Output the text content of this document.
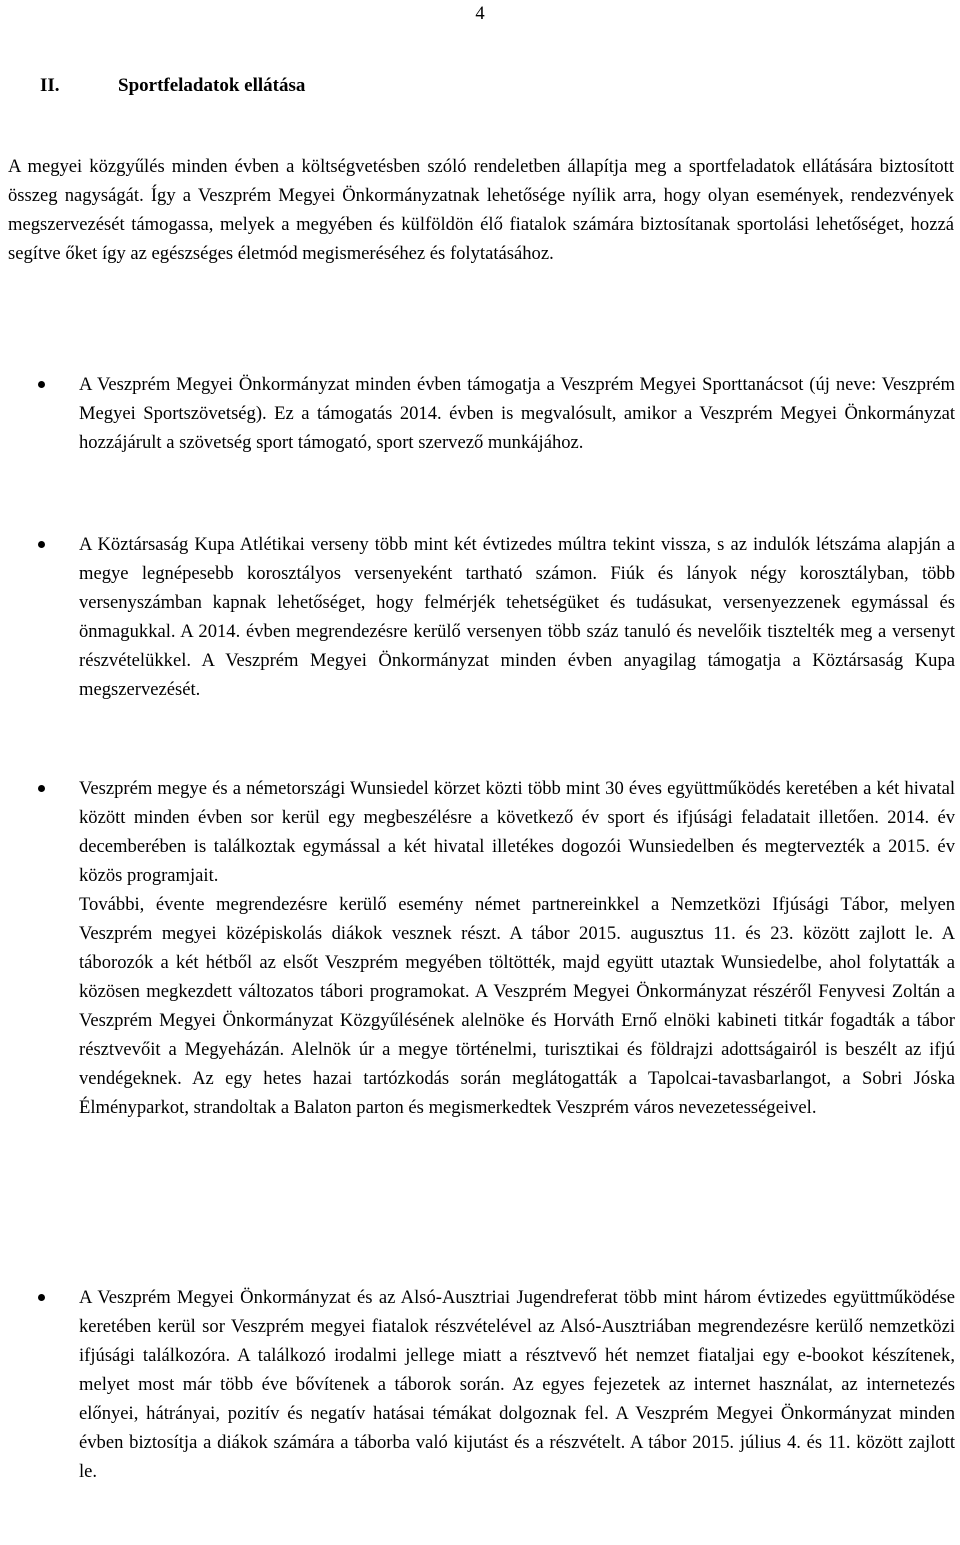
4
II.	Sportfeladatok ellátása

A megyei közgyűlés minden évben a költségvetésben szóló rendeletben állapítja meg a sportfeladatok ellátására biztosított összeg nagyságát. Így a Veszprém Megyei Önkormányzatnak lehetősége nyílik arra, hogy olyan események, rendezvények megszervezését támogassa, melyek a megyében és külföldön élő fiatalok számára biztosítanak sportolási lehetőséget, hozzá segítve őket így az egészséges életmód megismeréséhez és folytatásához.

A Veszprém Megyei Önkormányzat minden évben támogatja a Veszprém Megyei Sporttanácsot (új neve: Veszprém Megyei Sportszövetség). Ez a támogatás 2014. évben is megvalósult, amikor a Veszprém Megyei Önkormányzat hozzájárult a szövetség sport támogató, sport szervező munkájához.

A Köztársaság Kupa Atlétikai verseny több mint két évtizedes múltra tekint vissza, s az indulók létszáma alapján a megye legnépesebb korosztályos versenyeként tartható számon. Fiúk és lányok négy korosztályban, több versenyszámban kapnak lehetőséget, hogy felmérjék tehetségüket és tudásukat, versenyezzenek egymással és önmagukkal. A 2014. évben megrendezésre kerülő versenyen több száz tanuló és nevelőik tisztelték meg a versenyt részvételükkel. A Veszprém Megyei Önkormányzat minden évben anyagilag támogatja a Köztársaság Kupa megszervezését.

Veszprém megye és a németországi Wunsiedel körzet közti több mint 30 éves együttműködés keretében a két hivatal között minden évben sor kerül egy megbeszélésre a következő év sport és ifjúsági feladatait illetően. 2014. év decemberében is találkoztak egymással a két hivatal illetékes dogozói Wunsiedelben és megtervezték a 2015. év közös programjait.

További, évente megrendezésre kerülő esemény német partnereinkkel a Nemzetközi Ifjúsági Tábor, melyen Veszprém megyei középiskolás diákok vesznek részt. A tábor 2015. augusztus 11. és 23. között zajlott le. A táborozók a két hétből az elsőt Veszprém megyében töltötték, majd együtt utaztak Wunsiedelbe, ahol folytatták a közösen megkezdett változatos tábori programokat. A Veszprém Megyei Önkormányzat részéről Fenyvesi Zoltán a Veszprém Megyei Önkormányzat Közgyűlésének alelnöke és Horváth Ernő elnöki kabineti titkár fogadták a tábor résztvevőit a Megyeházán. Alelnök úr a megye történelmi, turisztikai és földrajzi adottságairól is beszélt az ifjú vendégeknek. Az egy hetes hazai tartózkodás során meglátogatták a Tapolcai-tavasbarlangot, a Sobri Jóska Élményparkot, strandoltak a Balaton parton és megismerkedtek Veszprém város nevezetességeivel.

A Veszprém Megyei Önkormányzat és az Alsó-Ausztriai Jugendreferat több mint három évtizedes együttműködése keretében kerül sor Veszprém megyei fiatalok részvételével az Alsó-Ausztriában megrendezésre kerülő nemzetközi ifjúsági találkozóra. A találkozó irodalmi jellege miatt a résztvevő hét nemzet fiataljai egy e-bookot készítenek, melyet most már több éve bővítenek a táborok során. Az egyes fejezetek az internet használat, az internetezés előnyei, hátrányai, pozitív és negatív hatásai témákat dolgoznak fel. A Veszprém Megyei Önkormányzat minden évben biztosítja a diákok számára a táborba való kijutást és a részvételt. A tábor 2015. július 4. és 11. között zajlott le.
